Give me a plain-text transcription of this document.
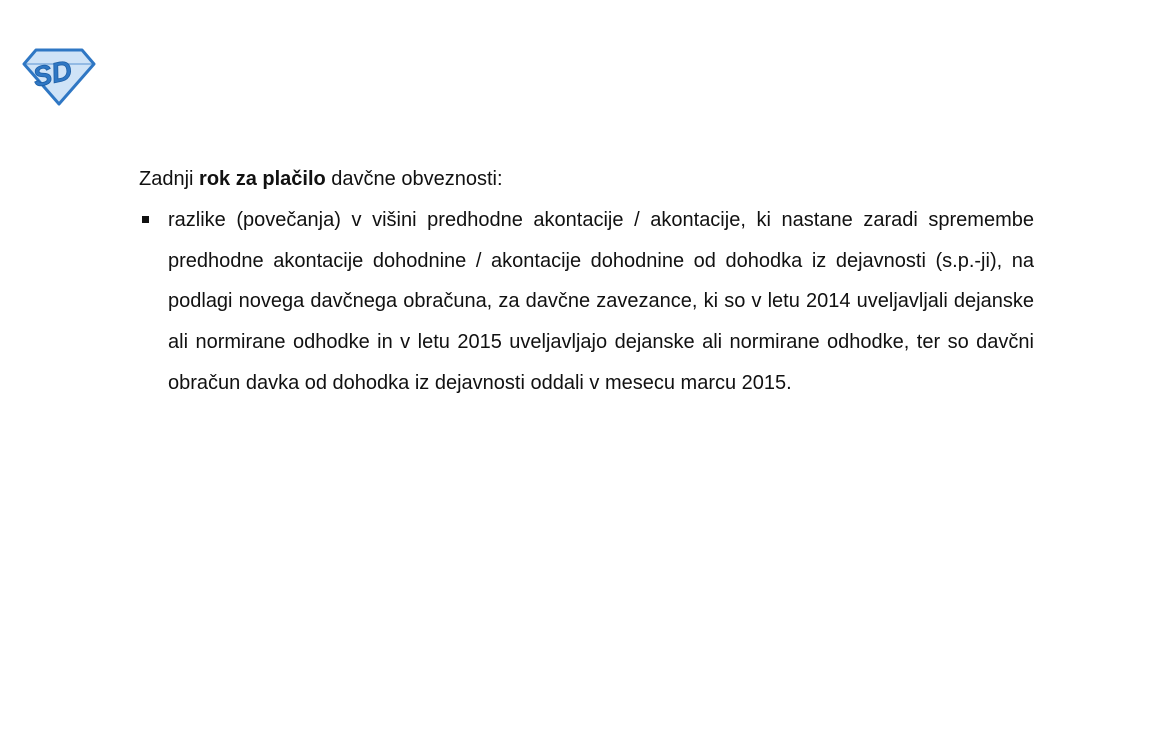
SD

Zadnji rok za plačilo davčne obveznosti:

razlike (povečanja) v višini predhodne akontacije / akontacije, ki nastane zaradi spremembe predhodne akontacije dohodnine / akontacije dohodnine od dohodka iz dejavnosti (s.p.-ji), na podlagi novega davčnega obračuna, za davčne zavezance, ki so v letu 2014 uveljavljali dejanske ali normirane odhodke in v letu 2015 uveljavljajo dejanske ali normirane odhodke, ter so davčni obračun davka od dohodka iz dejavnosti oddali v mesecu marcu 2015.
